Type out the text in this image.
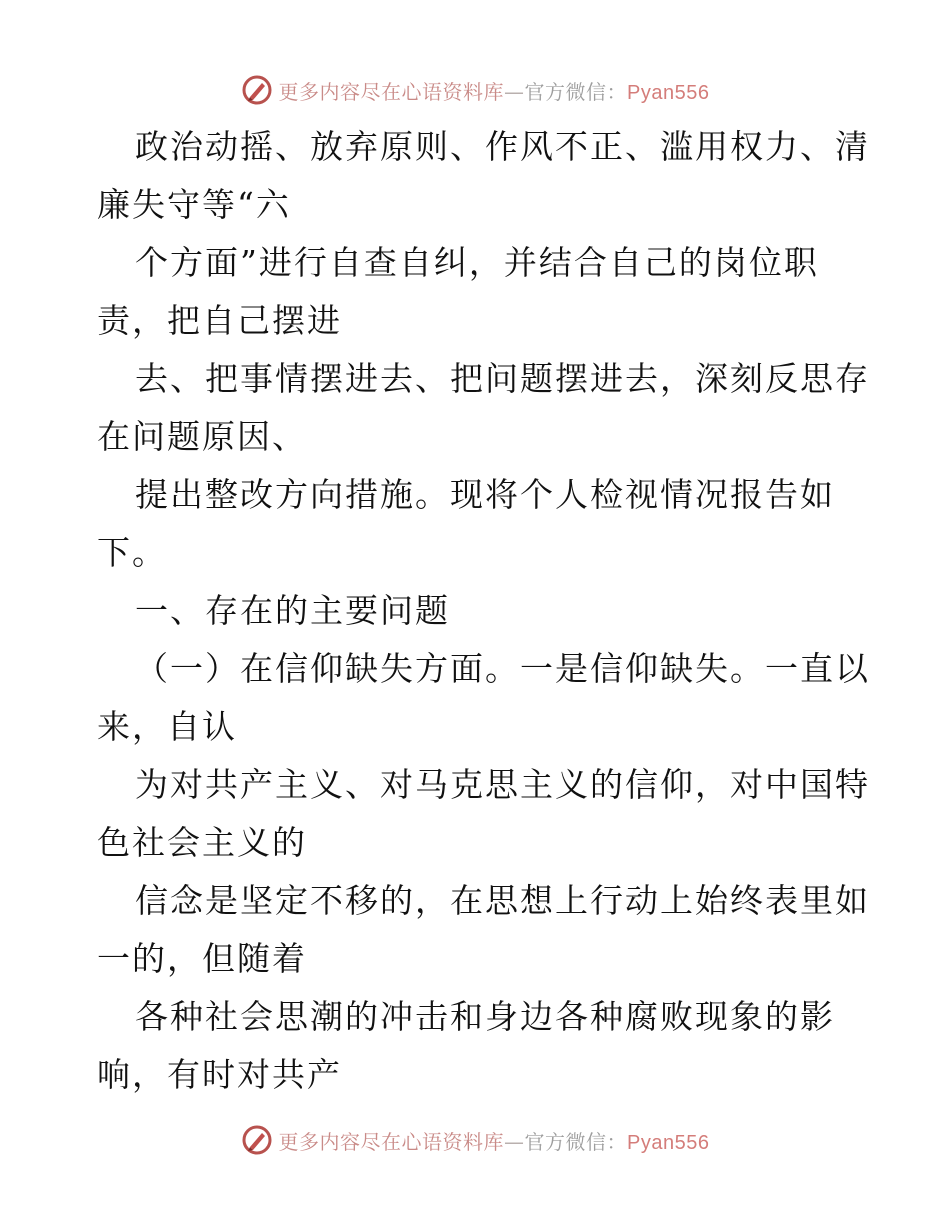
更多内容尽在心语资料库—官方微信：Pyan556
政治动摇、放弃原则、作风不正、滥用权力、清
廉失守等“六
个方面”进行自查自纠，并结合自己的岗位职
责，把自己摆进
去、把事情摆进去、把问题摆进去，深刻反思存
在问题原因、
提出整改方向措施。现将个人检视情况报告如
下。
一、存在的主要问题
（一）在信仰缺失方面。一是信仰缺失。一直以
来，自认
为对共产主义、对马克思主义的信仰，对中国特
色社会主义的
信念是坚定不移的，在思想上行动上始终表里如
一的，但随着
各种社会思潮的冲击和身边各种腐败现象的影
响，有时对共产
更多内容尽在心语资料库—官方微信：Pyan556
